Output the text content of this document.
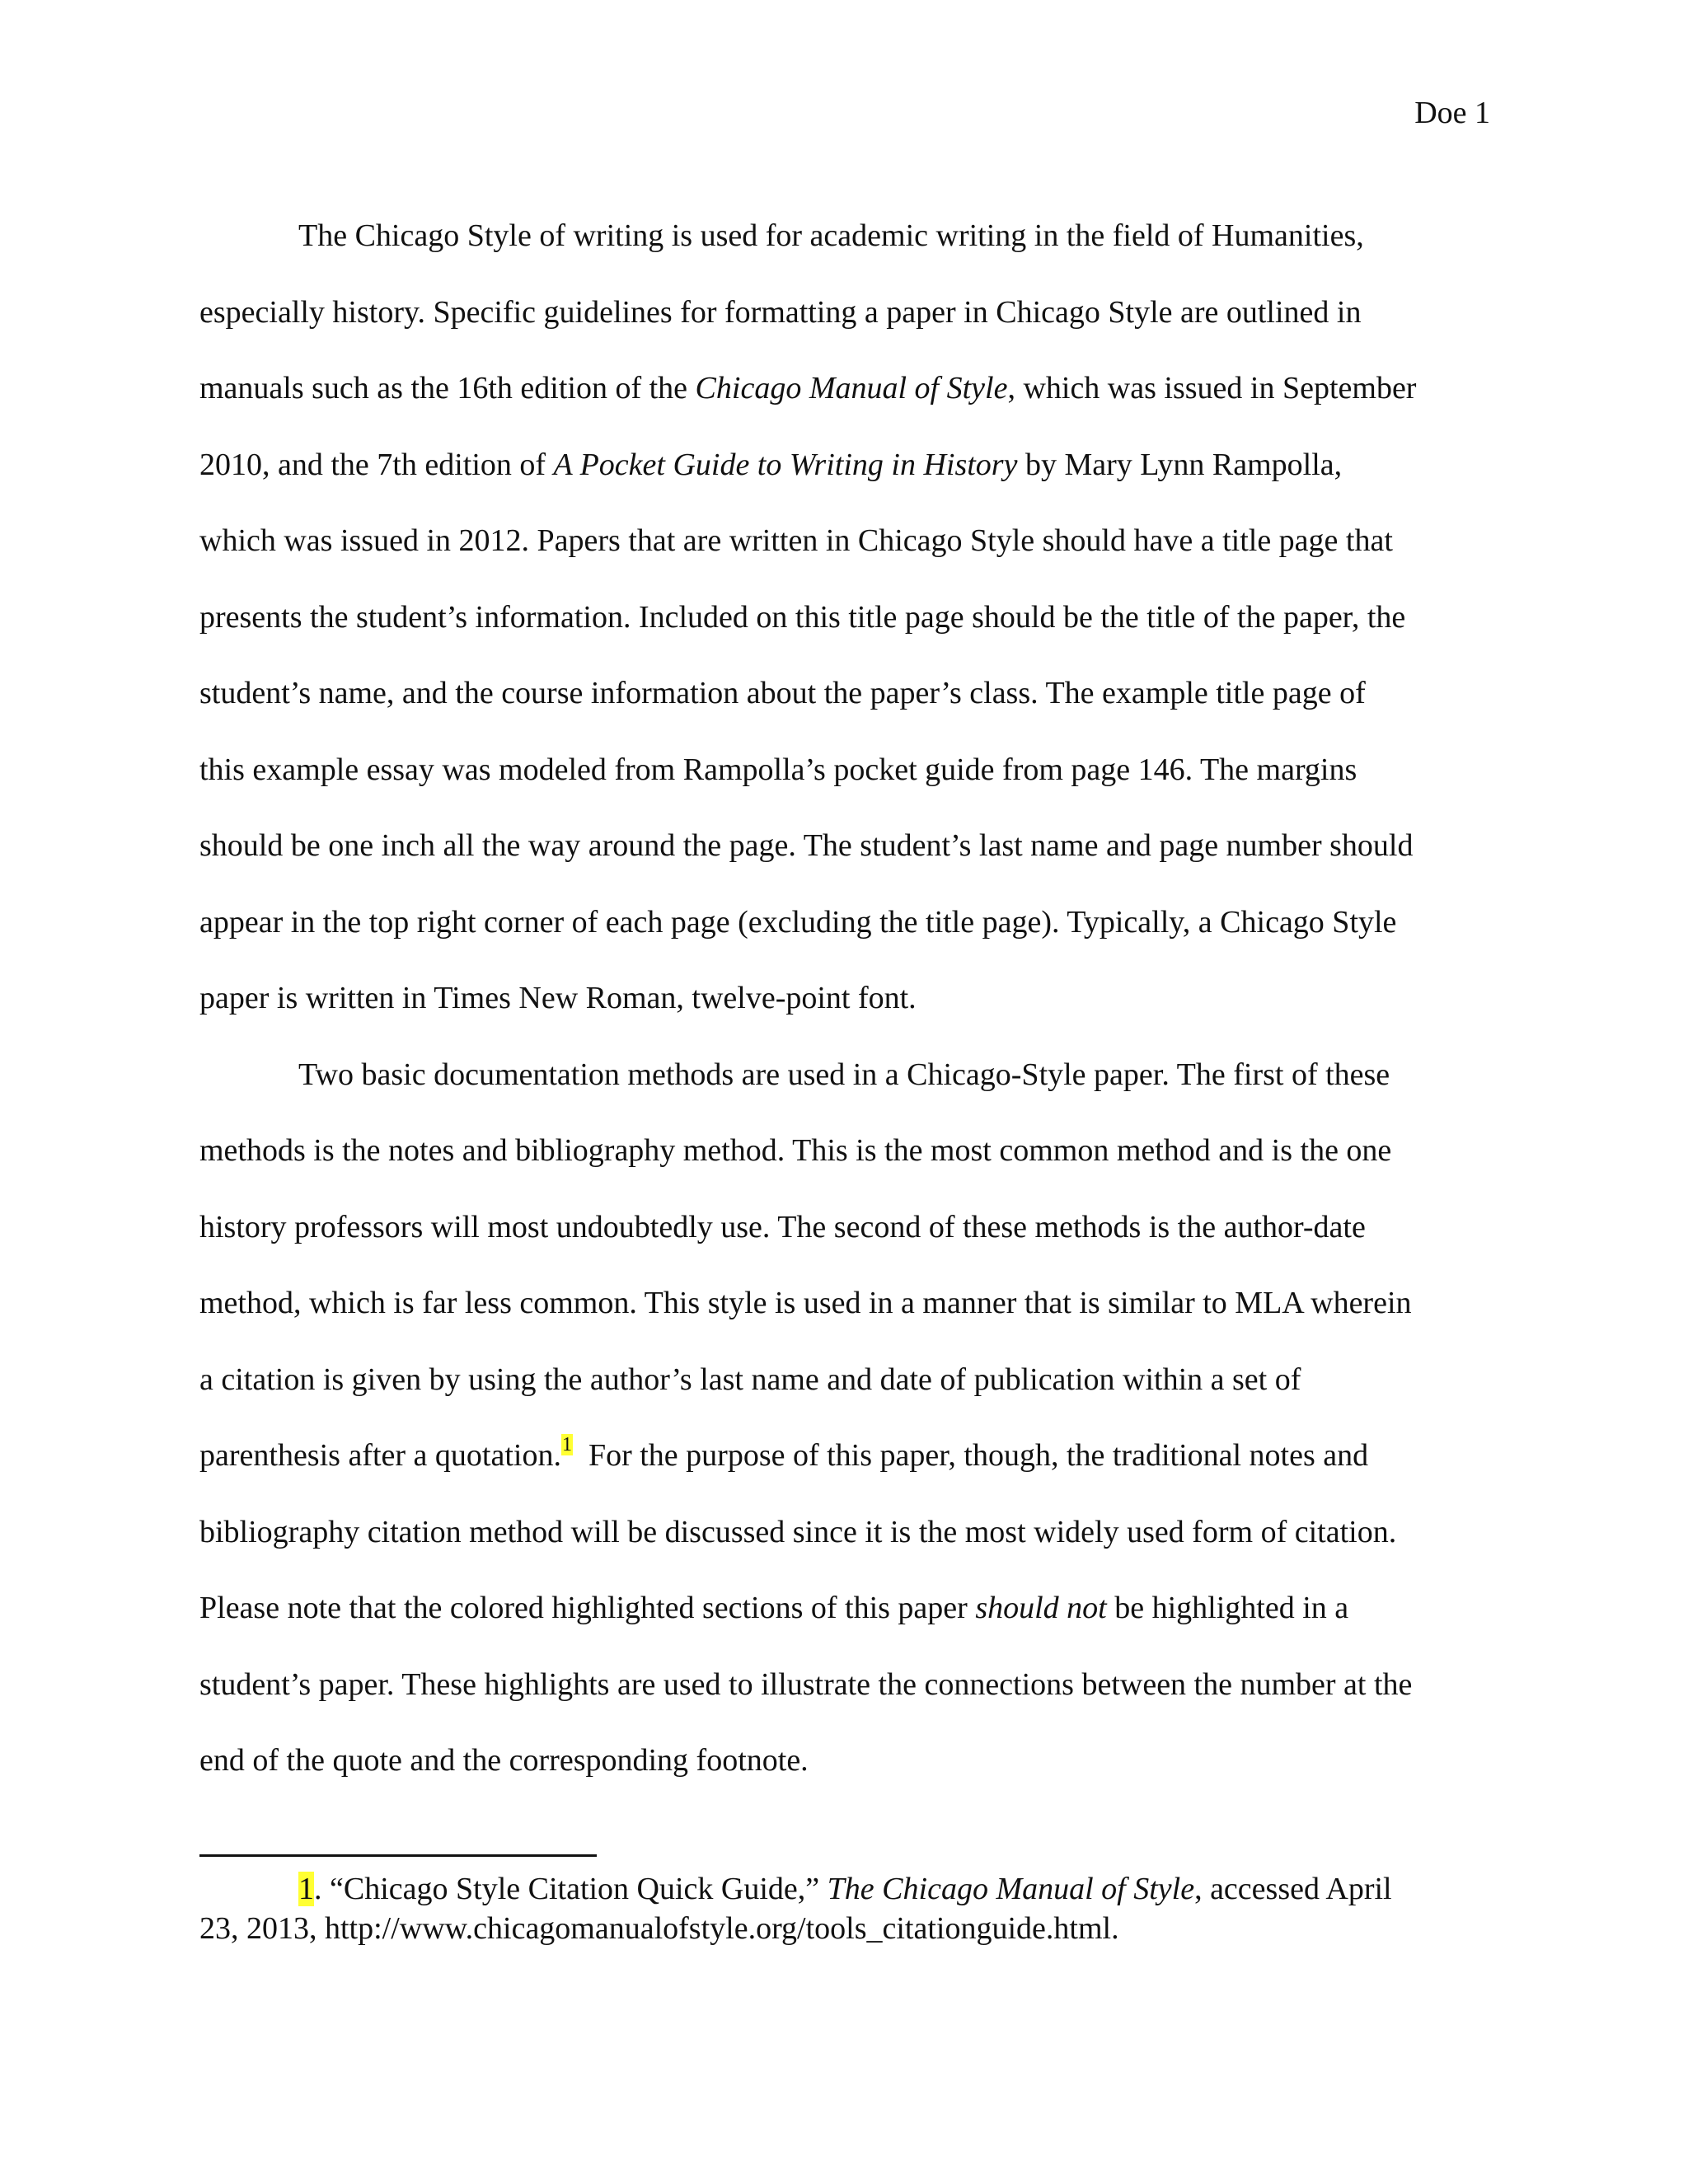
Doe 1
The Chicago Style of writing is used for academic writing in the field of Humanities,
especially history. Specific guidelines for formatting a paper in Chicago Style are outlined in
manuals such as the 16th edition of the Chicago Manual of Style, which was issued in September
2010, and the 7th edition of A Pocket Guide to Writing in History by Mary Lynn Rampolla,
which was issued in 2012. Papers that are written in Chicago Style should have a title page that
presents the student’s information. Included on this title page should be the title of the paper, the
student’s name, and the course information about the paper’s class. The example title page of
this example essay was modeled from Rampolla’s pocket guide from page 146. The margins
should be one inch all the way around the page. The student’s last name and page number should
appear in the top right corner of each page (excluding the title page). Typically, a Chicago Style
paper is written in Times New Roman, twelve-point font.
Two basic documentation methods are used in a Chicago-Style paper. The first of these
methods is the notes and bibliography method. This is the most common method and is the one
history professors will most undoubtedly use. The second of these methods is the author-date
method, which is far less common. This style is used in a manner that is similar to MLA wherein
a citation is given by using the author’s last name and date of publication within a set of
parenthesis after a quotation.$^1$  For the purpose of this paper, though, the traditional notes and
bibliography citation method will be discussed since it is the most widely used form of citation.
Please note that the colored highlighted sections of this paper should not be highlighted in a
student’s paper. These highlights are used to illustrate the connections between the number at the
end of the quote and the corresponding footnote.
1. “Chicago Style Citation Quick Guide,” The Chicago Manual of Style, accessed April
23, 2013, http://www.chicagomanualofstyle.org/tools_citationguide.html.
